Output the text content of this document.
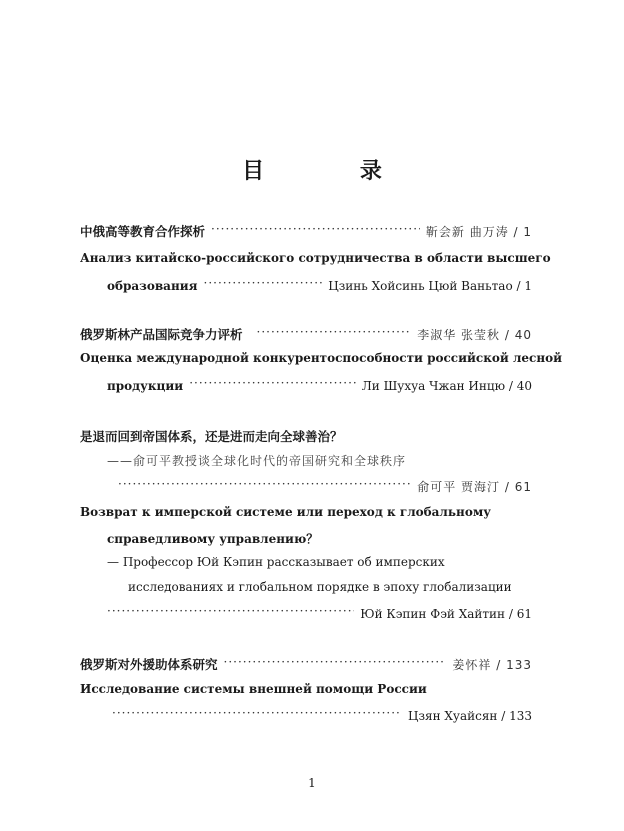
目 录
中俄高等教育合作探析 ·····	靳会新 曲万涛 / 1
Анализ китайско-российского сотрудничества в области высшего
образования ·····	Цзинь Хойсинь Цюй Ваньтао / 1
俄罗斯林产品国际竞争力评析 ·····	李淑华 张莹秋 / 40
Оценка международной конкурентоспособности российской лесной
продукции ·····	Ли Шухуа Чжан Инцю / 40
是退而回到帝国体系，还是进而走向全球善治？
——俞可平教授谈全球化时代的帝国研究和全球秩序
·····
俞可平 贾海汀 / 61
Возврат к имперской системе или переход к глобальному
справедливому управлению？
— Профессор Юй Кэпин рассказывает об имперских
исследованиях и глобальном порядке в эпоху глобализации
·····
Юй Кэпин Фэй Хайтин / 61
俄罗斯对外援助体系研究 ·····	姜怀祥 / 133
Исследование системы внешней помощи России
·····
Цзян Хуайсян / 133
1
